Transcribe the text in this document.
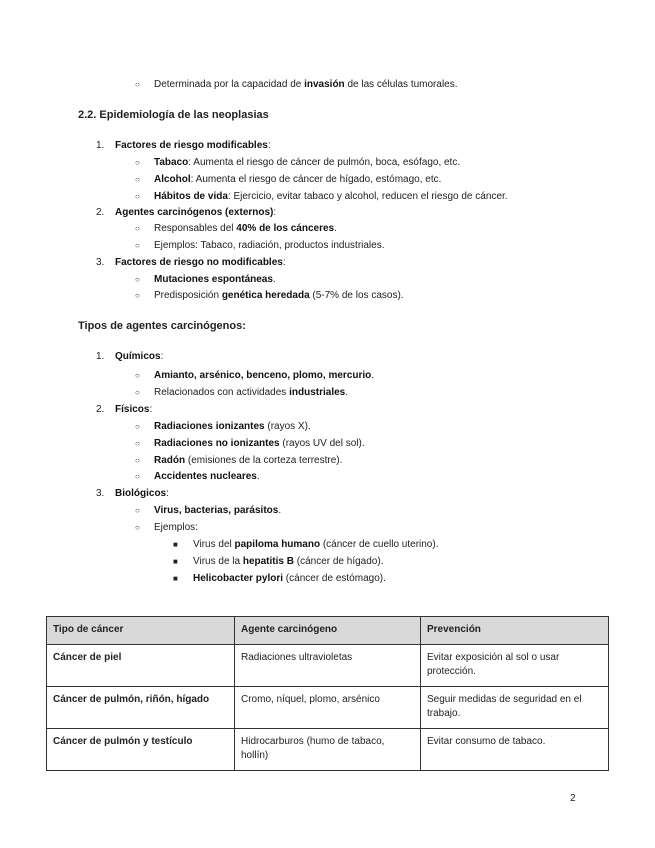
○ Determinada por la capacidad de invasión de las células tumorales.
2.2. Epidemiología de las neoplasias
1. Factores de riesgo modificables:
○ Tabaco: Aumenta el riesgo de cáncer de pulmón, boca, esófago, etc.
○ Alcohol: Aumenta el riesgo de cáncer de hígado, estómago, etc.
○ Hábitos de vida: Ejercicio, evitar tabaco y alcohol, reducen el riesgo de cáncer.
2. Agentes carcinógenos (externos):
○ Responsables del 40% de los cánceres.
○ Ejemplos: Tabaco, radiación, productos industriales.
3. Factores de riesgo no modificables:
○ Mutaciones espontáneas.
○ Predisposición genética heredada (5-7% de los casos).
Tipos de agentes carcinógenos:
1. Químicos:
○ Amianto, arsénico, benceno, plomo, mercurio.
○ Relacionados con actividades industriales.
2. Físicos:
○ Radiaciones ionizantes (rayos X).
○ Radiaciones no ionizantes (rayos UV del sol).
○ Radón (emisiones de la corteza terrestre).
○ Accidentes nucleares.
3. Biológicos:
○ Virus, bacterias, parásitos.
○ Ejemplos:
■ Virus del papiloma humano (cáncer de cuello uterino).
■ Virus de la hepatitis B (cáncer de hígado).
■ Helicobacter pylori (cáncer de estómago).
Tipo de cáncer	Agente carcinógeno	Prevención
Cáncer de piel	Radiaciones ultravioletas	Evitar exposición al sol o usar protección.
Cáncer de pulmón, riñón, hígado	Cromo, níquel, plomo, arsénico	Seguir medidas de seguridad en el trabajo.
Cáncer de pulmón y testículo	Hidrocarburos (humo de tabaco, hollín)	Evitar consumo de tabaco.
2
